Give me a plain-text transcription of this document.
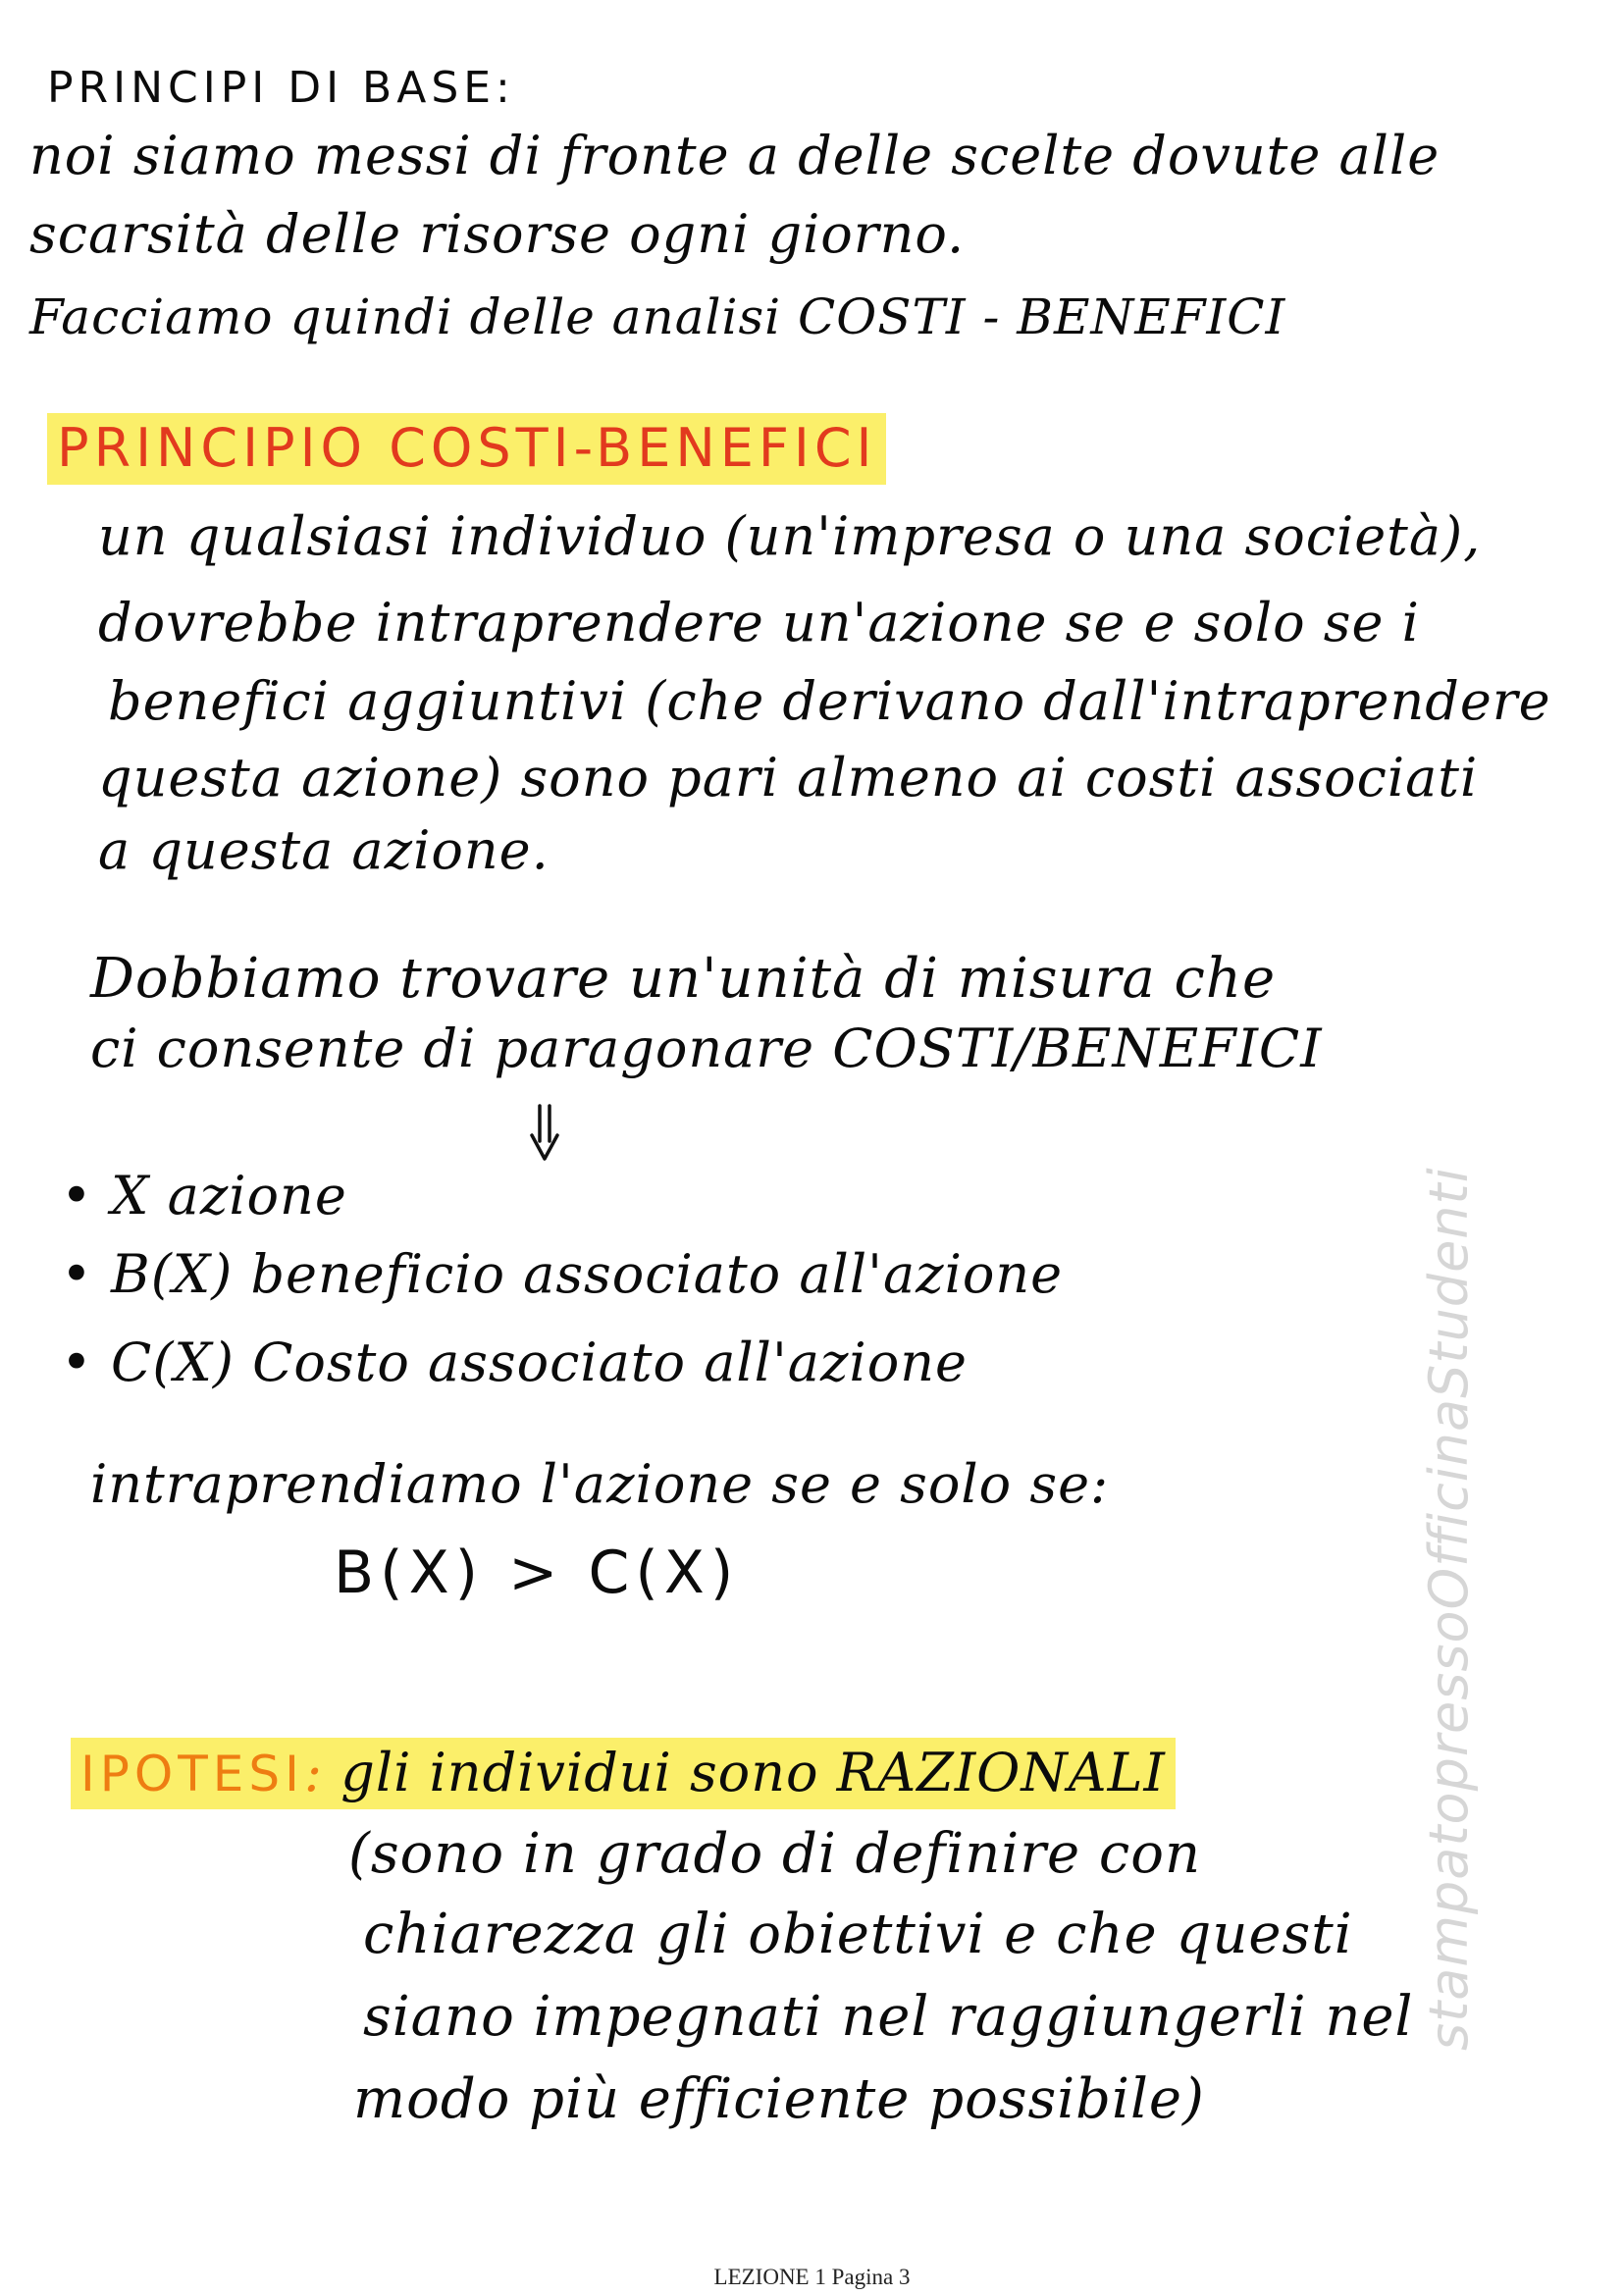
PRINCIPI DI BASE:
noi siamo messi di fronte a delle scelte dovute alle
scarsità delle risorse ogni giorno.
Facciamo quindi delle analisi COSTI - BENEFICI
PRINCIPIO COSTI-BENEFICI
un qualsiasi individuo (un'impresa o una società),
dovrebbe intraprendere un'azione se e solo se i
benefici aggiuntivi (che derivano dall'intraprendere
questa azione) sono pari almeno ai costi associati
a questa azione.
Dobbiamo trovare un'unità di misura che
ci consente di paragonare COSTI/BENEFICI
• X azione
• B(X) beneficio associato all'azione
• C(X) Costo associato all'azione
intraprendiamo l'azione se e solo se:
B(X) > C(X)
IPOTESI: gli individui sono RAZIONALI
(sono in grado di definire con
chiarezza gli obiettivi e che questi
siano impegnati nel raggiungerli nel
modo più efficiente possibile)
stampatopressoOfficinaStudenti
LEZIONE 1 Pagina 3
